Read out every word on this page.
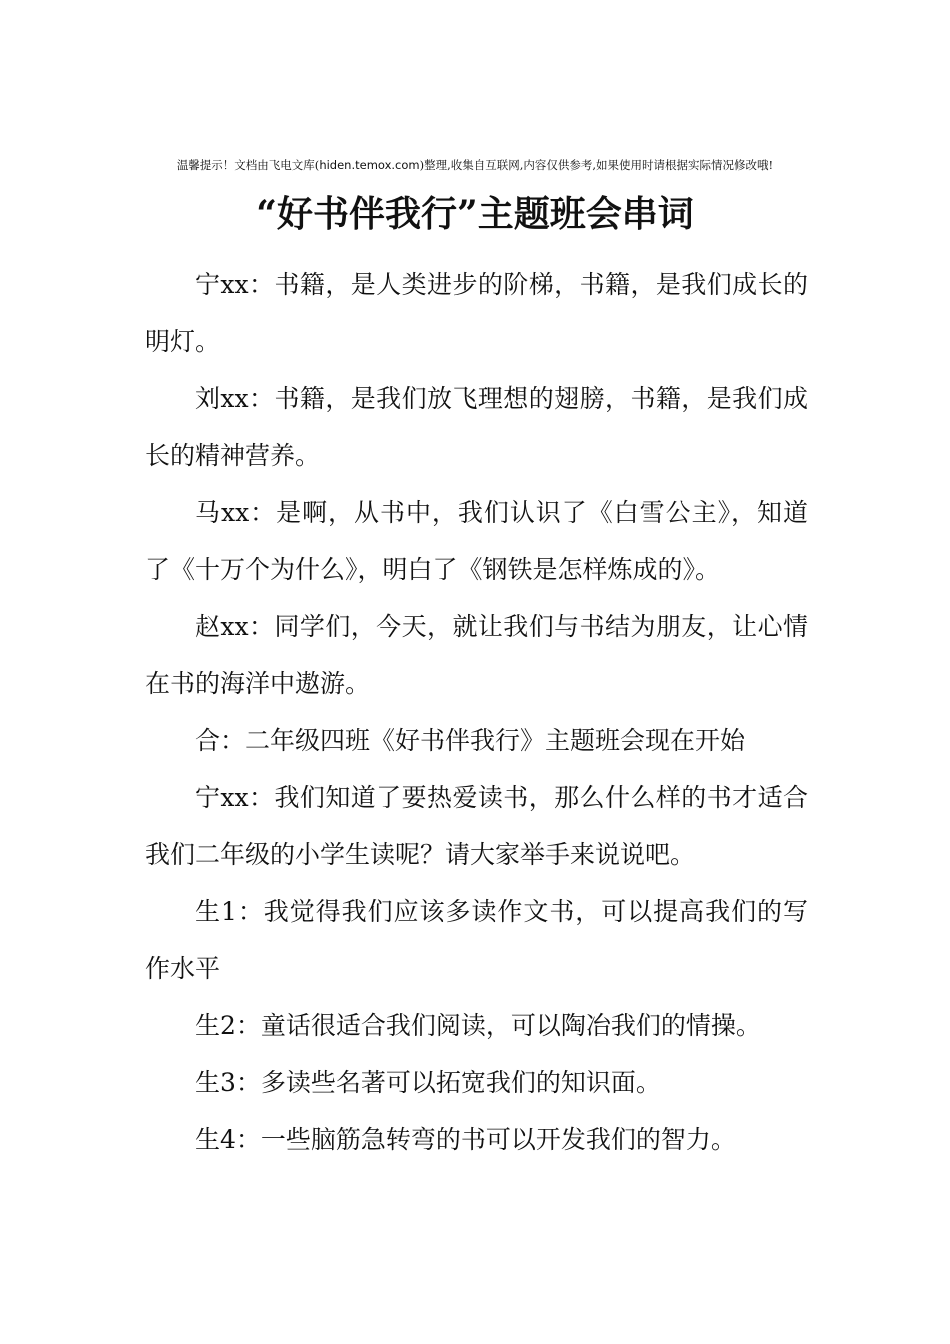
温馨提示！文档由飞电文库(hiden.temox.com)整理,收集自互联网,内容仅供参考,如果使用时请根据实际情况修改哦!
“好书伴我行”主题班会串词

宁xx：书籍，是人类进步的阶梯，书籍，是我们成长的明灯。

刘xx：书籍，是我们放飞理想的翅膀，书籍，是我们成长的精神营养。

马xx：是啊，从书中，我们认识了《白雪公主》，知道了《十万个为什么》，明白了《钢铁是怎样炼成的》。

赵xx：同学们，今天，就让我们与书结为朋友，让心情在书的海洋中遨游。

合：二年级四班《好书伴我行》主题班会现在开始

宁xx：我们知道了要热爱读书，那么什么样的书才适合我们二年级的小学生读呢？请大家举手来说说吧。

生1：我觉得我们应该多读作文书，可以提高我们的写作水平

生2：童话很适合我们阅读，可以陶冶我们的情操。

生3：多读些名著可以拓宽我们的知识面。

生4：一些脑筋急转弯的书可以开发我们的智力。
